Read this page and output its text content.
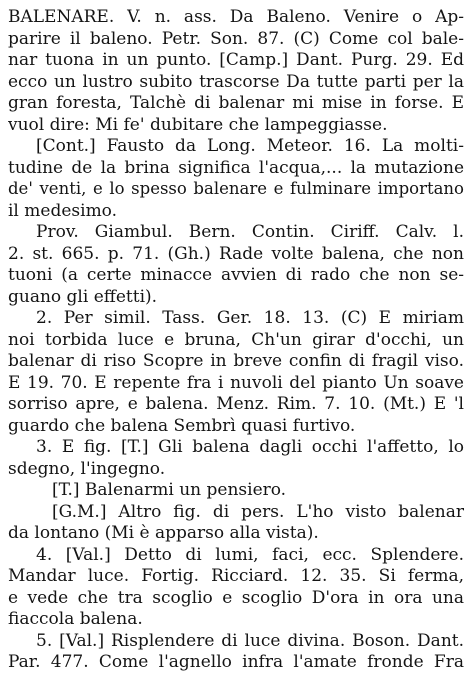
BALENARE. V. n. ass. Da Baleno. Venire o Ap-
parire il baleno. Petr. Son. 87. (C) Come col bale-
nar tuona in un punto. [Camp.] Dant. Purg. 29. Ed
ecco un lustro subito trascorse Da tutte parti per la
gran foresta, Talchè di balenar mi mise in forse. E
vuol dire: Mi fe' dubitare che lampeggiasse.
[Cont.] Fausto da Long. Meteor. 16. La molti-
tudine de la brina significa l'acqua,... la mutazione
de' venti, e lo spesso balenare e fulminare importano
il medesimo.
Prov. Giambul. Bern. Contin. Ciriff. Calv. l.
2. st. 665. p. 71. (Gh.) Rade volte balena, che non
tuoni (a certe minacce avvien di rado che non se-
guano gli effetti).
2. Per simil. Tass. Ger. 18. 13. (C) E miriam
noi torbida luce e bruna, Ch'un girar d'occhi, un
balenar di riso Scopre in breve confin di fragil viso.
E 19. 70. E repente fra i nuvoli del pianto Un soave
sorriso apre, e balena. Menz. Rim. 7. 10. (Mt.) E 'l
guardo che balena Sembrì quasi furtivo.
3. E fig. [T.] Gli balena dagli occhi l'affetto, lo
sdegno, l'ingegno.
[T.] Balenarmi un pensiero.
[G.M.] Altro fig. di pers. L'ho visto balenar
da lontano (Mi è apparso alla vista).
4. [Val.] Detto di lumi, faci, ecc. Splendere.
Mandar luce. Fortig. Ricciard. 12. 35. Si ferma,
e vede che tra scoglio e scoglio D'ora in ora una
fiaccola balena.
5. [Val.] Risplendere di luce divina. Boson. Dant.
Par. 477. Come l'agnello infra l'amate fronde Fra
